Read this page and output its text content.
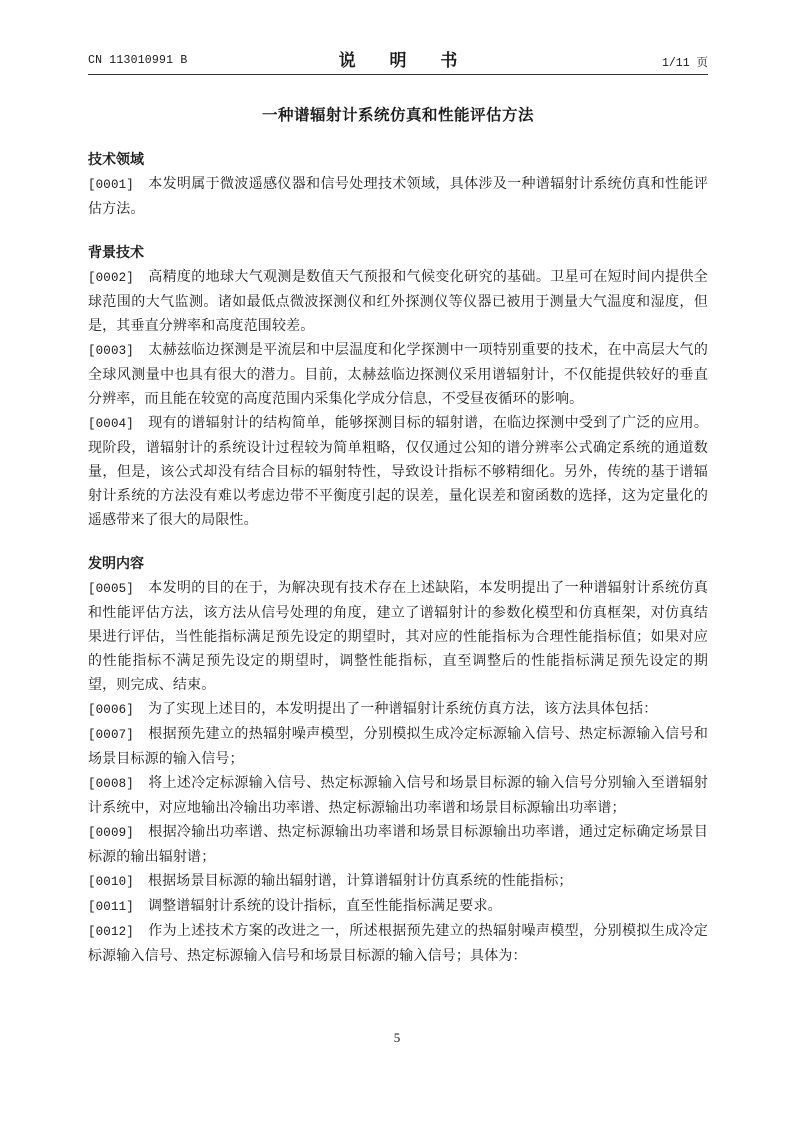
CN 113010991 B	说 明 书	1/11 页
一种谱辐射计系统仿真和性能评估方法
技术领域

[0001] 本发明属于微波遥感仪器和信号处理技术领域，具体涉及一种谱辐射计系统仿真和性能评估方法。

背景技术

[0002] 高精度的地球大气观测是数值天气预报和气候变化研究的基础。卫星可在短时间内提供全球范围的大气监测。诸如最低点微波探测仪和红外探测仪等仪器已被用于测量大气温度和湿度，但是，其垂直分辨率和高度范围较差。

[0003] 太赫兹临边探测是平流层和中层温度和化学探测中一项特别重要的技术，在中高层大气的全球风测量中也具有很大的潜力。目前，太赫兹临边探测仪采用谱辐射计，不仅能提供较好的垂直分辨率，而且能在较宽的高度范围内采集化学成分信息，不受昼夜循环的影响。

[0004] 现有的谱辐射计的结构简单，能够探测目标的辐射谱，在临边探测中受到了广泛的应用。现阶段，谱辐射计的系统设计过程较为简单粗略，仅仅通过公知的谱分辨率公式确定系统的通道数量，但是，该公式却没有结合目标的辐射特性，导致设计指标不够精细化。另外，传统的基于谱辐射计系统的方法没有难以考虑边带不平衡度引起的误差，量化误差和窗函数的选择，这为定量化的遥感带来了很大的局限性。

发明内容

[0005] 本发明的目的在于，为解决现有技术存在上述缺陷，本发明提出了一种谱辐射计系统仿真和性能评估方法，该方法从信号处理的角度，建立了谱辐射计的参数化模型和仿真框架，对仿真结果进行评估，当性能指标满足预先设定的期望时，其对应的性能指标为合理性能指标值；如果对应的性能指标不满足预先设定的期望时，调整性能指标，直至调整后的性能指标满足预先设定的期望，则完成、结束。

[0006] 为了实现上述目的，本发明提出了一种谱辐射计系统仿真方法，该方法具体包括：

[0007] 根据预先建立的热辐射噪声模型，分别模拟生成冷定标源输入信号、热定标源输入信号和场景目标源的输入信号；

[0008] 将上述冷定标源输入信号、热定标源输入信号和场景目标源的输入信号分别输入至谱辐射计系统中，对应地输出冷输出功率谱、热定标源输出功率谱和场景目标源输出功率谱；

[0009] 根据冷输出功率谱、热定标源输出功率谱和场景目标源输出功率谱，通过定标确定场景目标源的输出辐射谱；

[0010] 根据场景目标源的输出辐射谱，计算谱辐射计仿真系统的性能指标；

[0011] 调整谱辐射计系统的设计指标，直至性能指标满足要求。

[0012] 作为上述技术方案的改进之一，所述根据预先建立的热辐射噪声模型，分别模拟生成冷定标源输入信号、热定标源输入信号和场景目标源的输入信号；具体为：

5
